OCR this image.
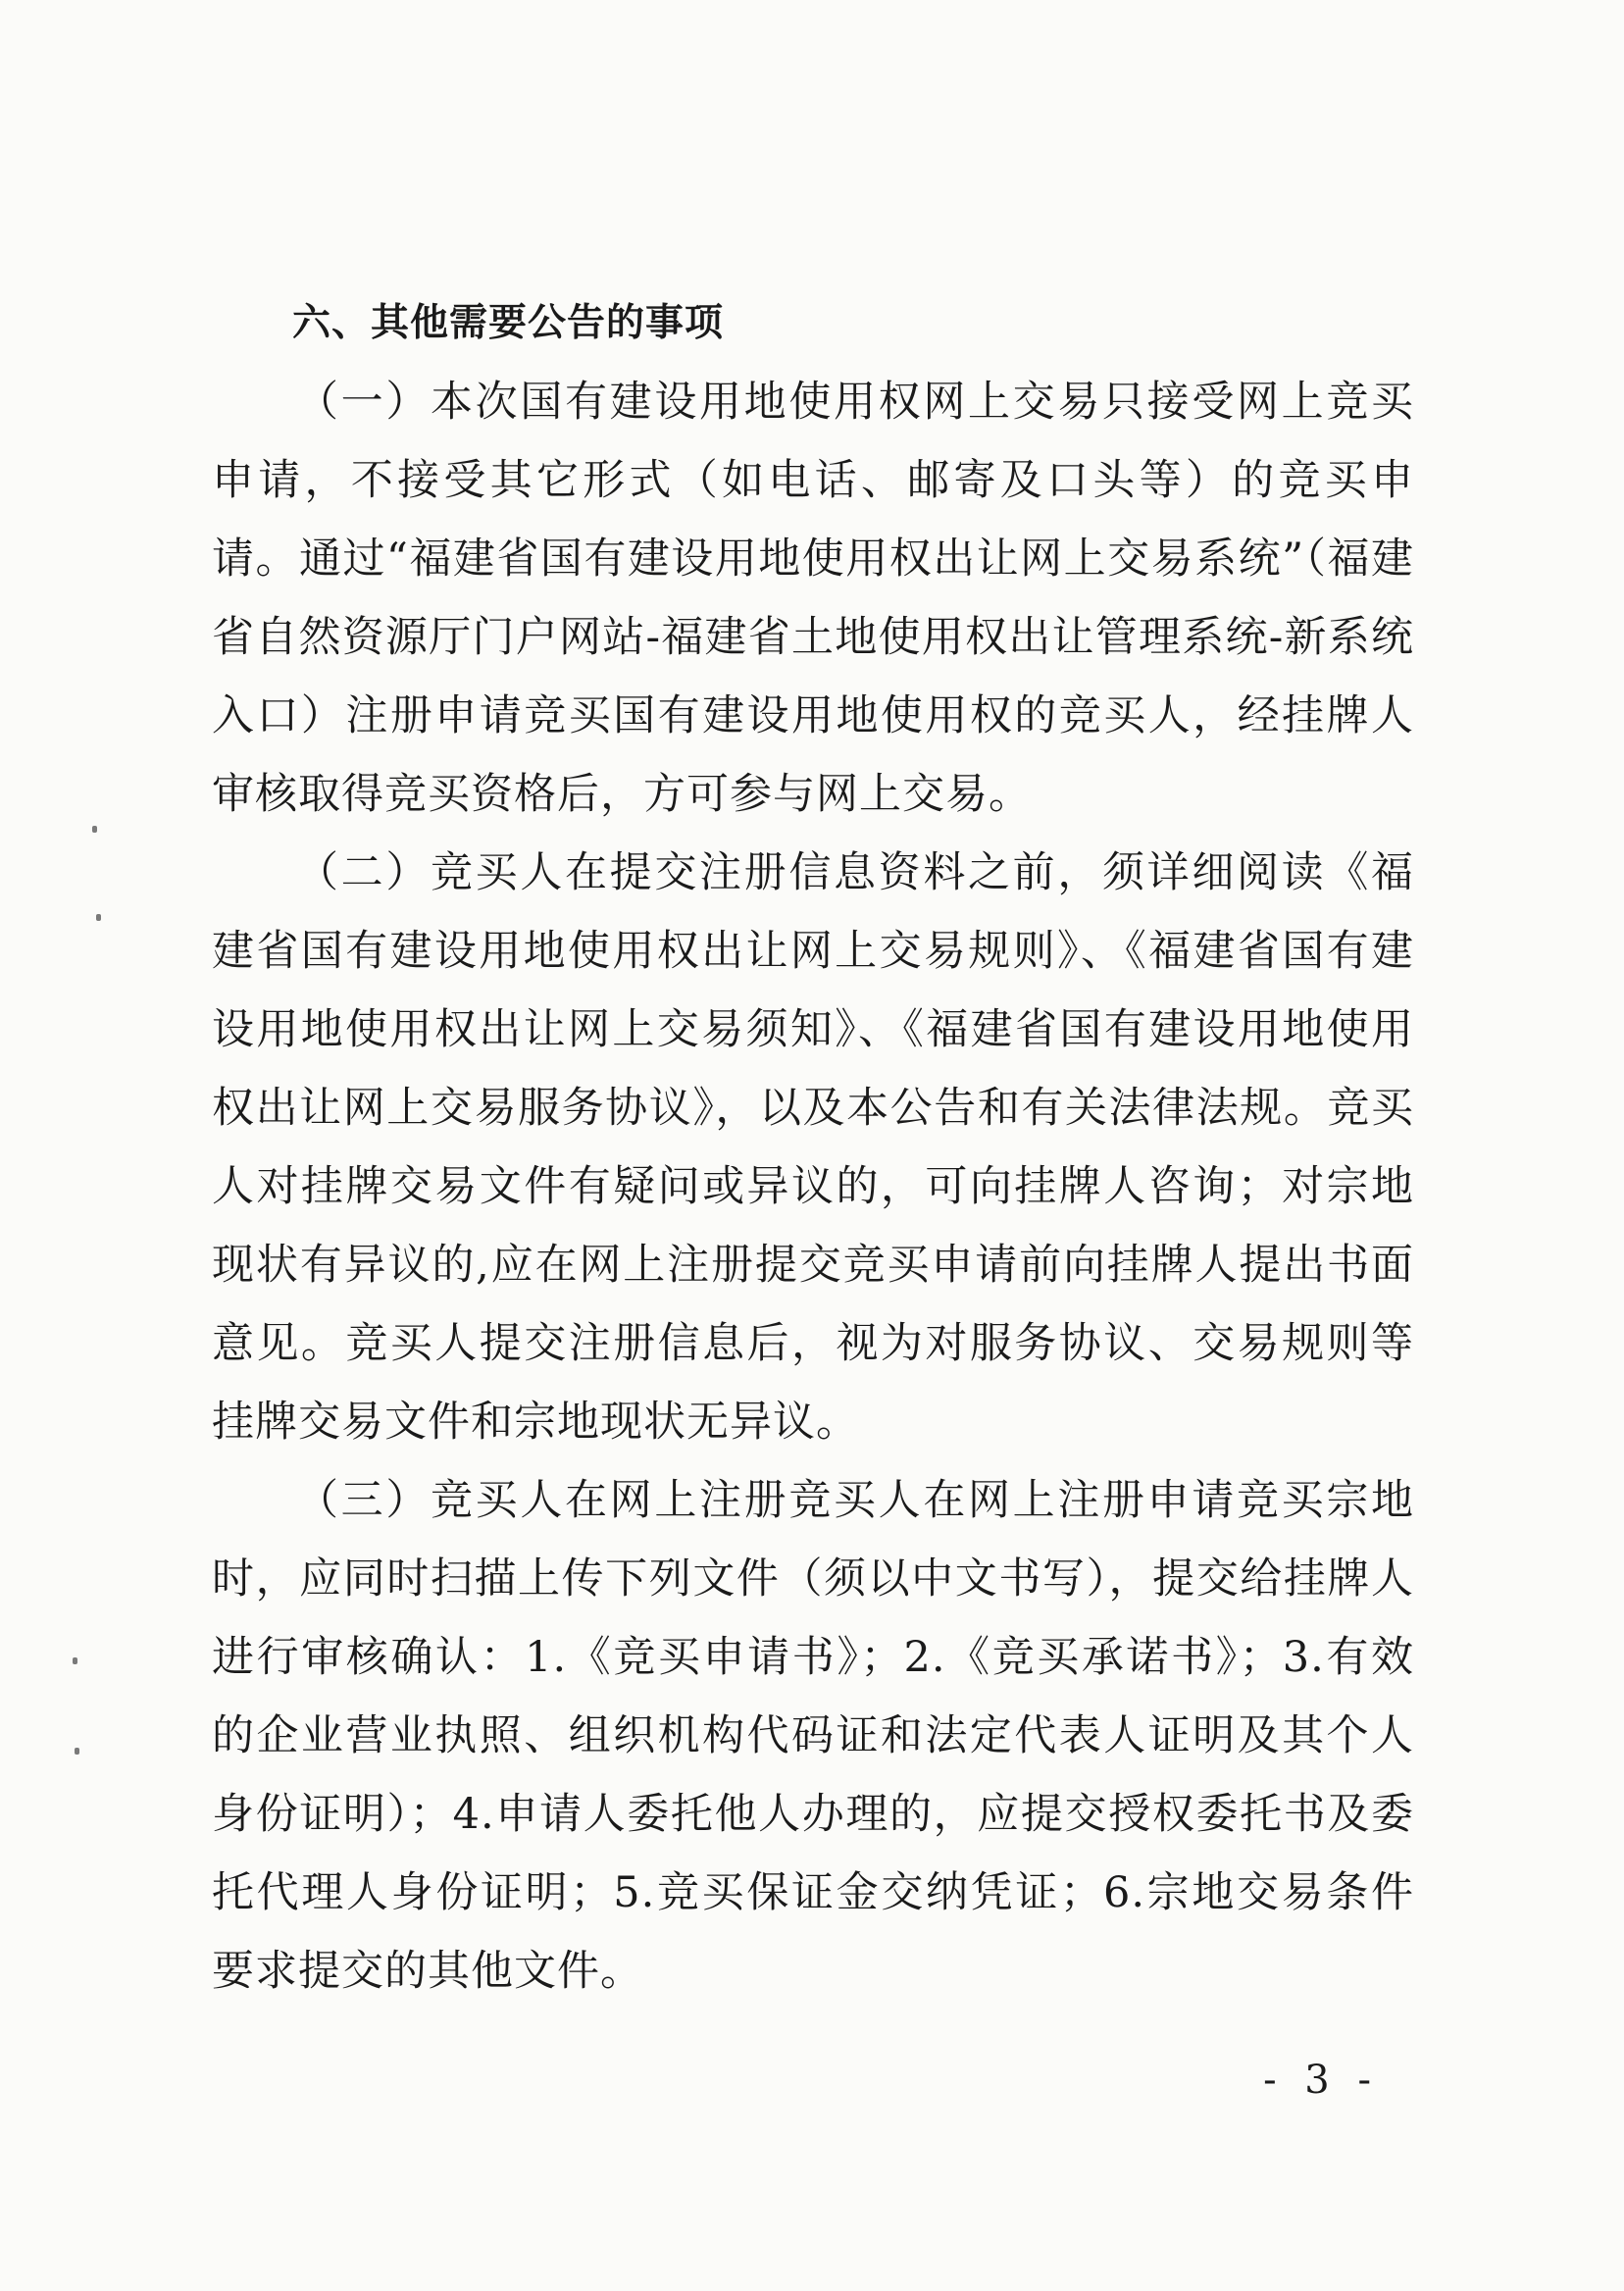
六、其他需要公告的事项

（一）本次国有建设用地使用权网上交易只接受网上竞买申请，不接受其它形式（如电话、邮寄及口头等）的竞买申请。通过“福建省国有建设用地使用权出让网上交易系统”（福建省自然资源厅门户网站-福建省土地使用权出让管理系统-新系统入口）注册申请竞买国有建设用地使用权的竞买人，经挂牌人审核取得竞买资格后，方可参与网上交易。

（二）竞买人在提交注册信息资料之前，须详细阅读《福建省国有建设用地使用权出让网上交易规则》、《福建省国有建设用地使用权出让网上交易须知》、《福建省国有建设用地使用权出让网上交易服务协议》，以及本公告和有关法律法规。竞买人对挂牌交易文件有疑问或异议的，可向挂牌人咨询；对宗地现状有异议的,应在网上注册提交竞买申请前向挂牌人提出书面意见。竞买人提交注册信息后，视为对服务协议、交易规则等挂牌交易文件和宗地现状无异议。

（三）竞买人在网上注册竞买人在网上注册申请竞买宗地时，应同时扫描上传下列文件（须以中文书写），提交给挂牌人进行审核确认：1.《竞买申请书》；2.《竞买承诺书》；3.有效的企业营业执照、组织机构代码证和法定代表人证明及其个人身份证明）；4.申请人委托他人办理的，应提交授权委托书及委托代理人身份证明；5.竞买保证金交纳凭证；6.宗地交易条件要求提交的其他文件。

- 3 -
